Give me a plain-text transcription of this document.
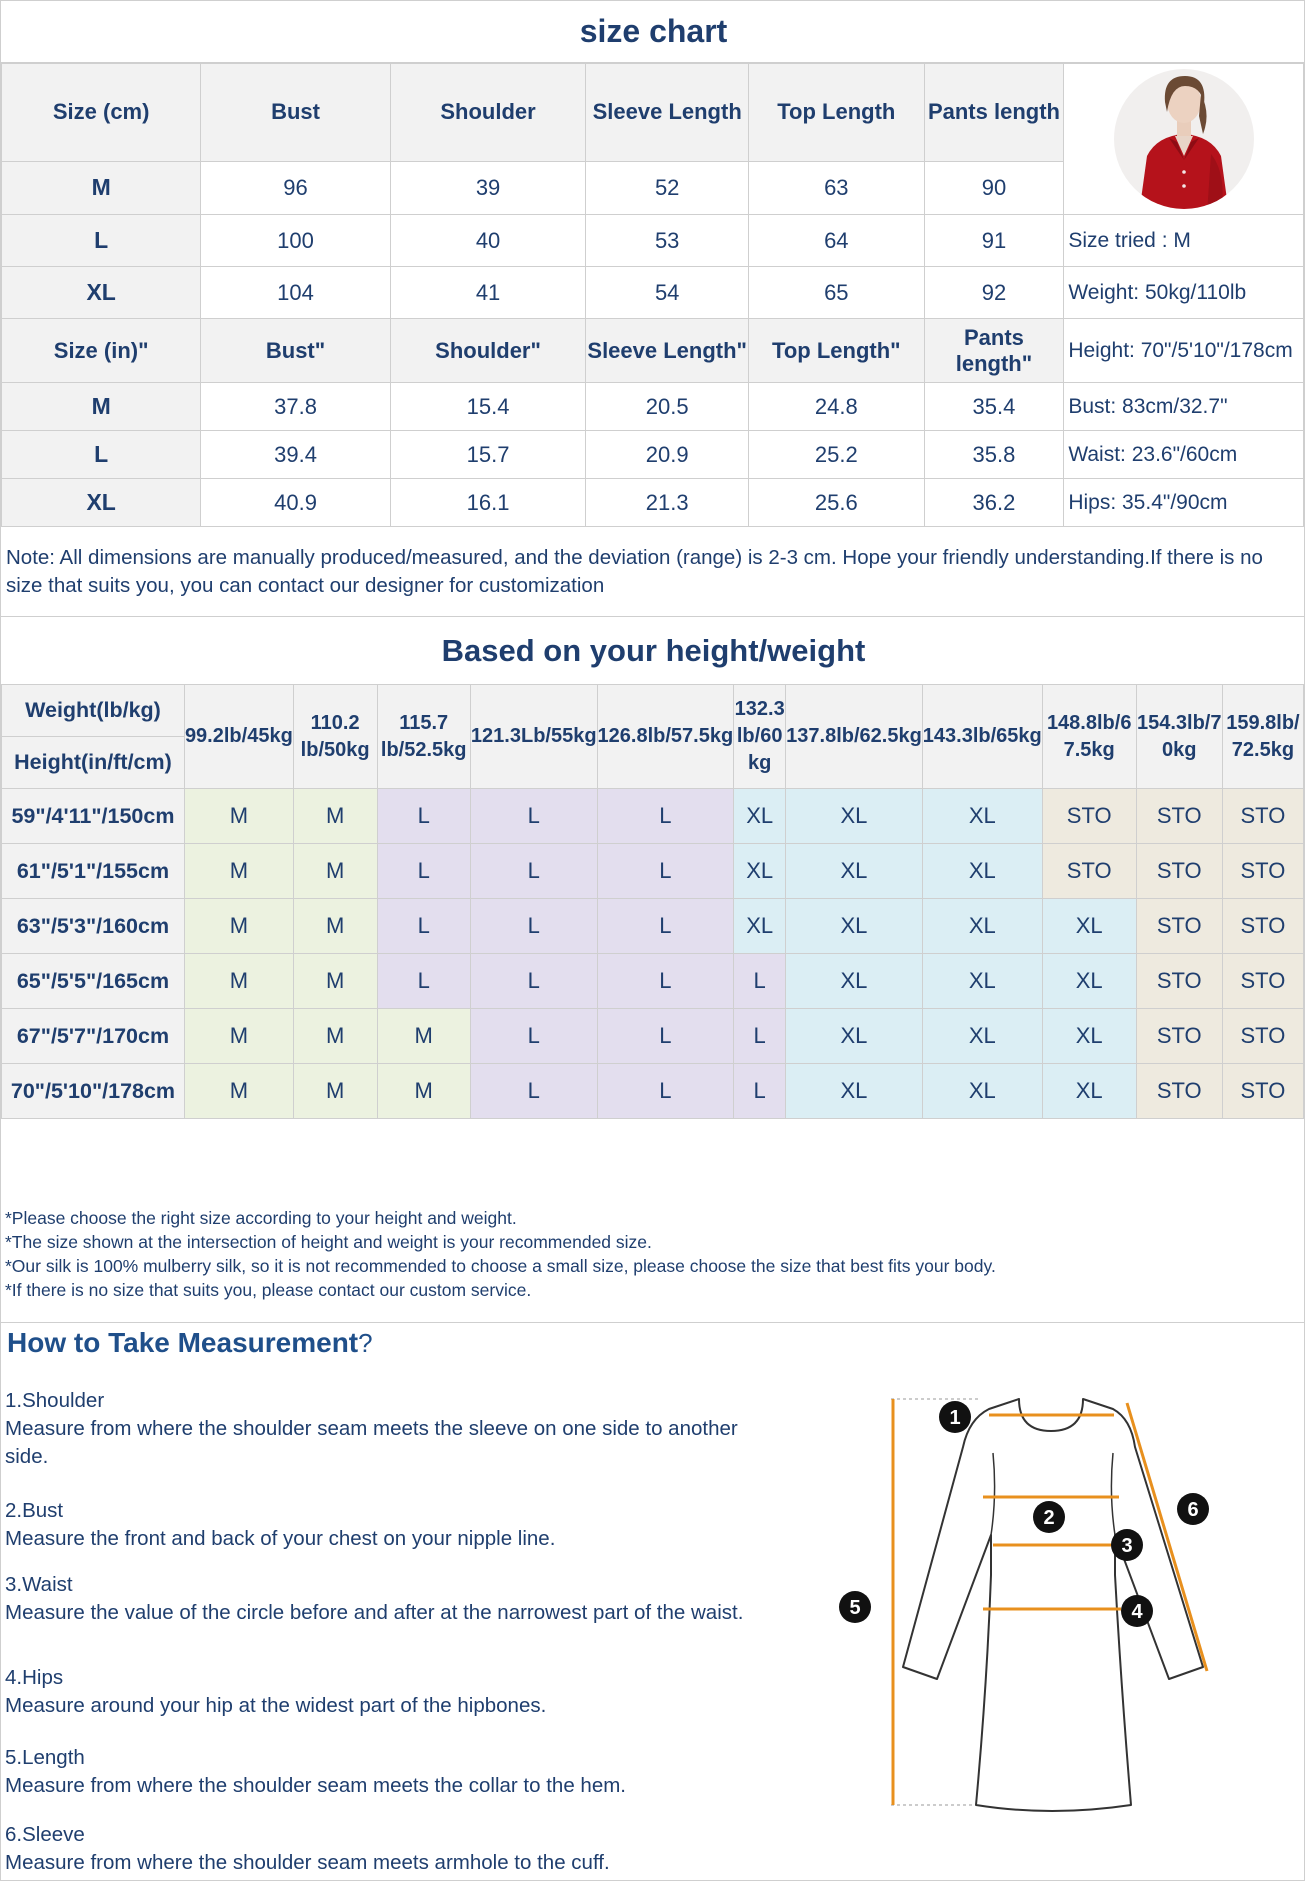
size chart
Size (cm)	Bust	Shoulder	Sleeve Length	Top Length	Pants length	

M	96	39	52	63	90	
L	100	40	53	64	91	Size tried : M
XL	104	41	54	65	92	Weight: 50kg/110lb
Size (in)"	Bust"	Shoulder"	Sleeve Length"	Top Length"	Pants length"	Height: 70"/5'10"/178cm
M	37.8	15.4	20.5	24.8	35.4	Bust: 83cm/32.7"
L	39.4	15.7	20.9	25.2	35.8	Waist: 23.6"/60cm
XL	40.9	16.1	21.3	25.6	36.2	Hips: 35.4"/90cm
Note: All dimensions are manually produced/measured, and the deviation (range) is 2-3 cm. Hope your friendly understanding.If there is no size that suits you, you can contact our designer for customization
Based on your height/weight
Weight(lb/kg)	99.2lb/45kg	110.2 lb/50kg	115.7 lb/52.5kg	121.3Lb/55kg	126.8lb/57.5kg	132.3lb/60kg	137.8lb/62.5kg	143.3lb/65kg	148.8lb/67.5kg	154.3lb/70kg	159.8lb/72.5kg
Height(in/ft/cm)											
59"/4'11"/150cm	M	M	L	L	L	XL	XL	XL	STO	STO	STO
61"/5'1"/155cm	M	M	L	L	L	XL	XL	XL	STO	STO	STO
63"/5'3"/160cm	M	M	L	L	L	XL	XL	XL	XL	STO	STO
65"/5'5"/165cm	M	M	L	L	L	L	XL	XL	XL	STO	STO
67"/5'7"/170cm	M	M	M	L	L	L	XL	XL	XL	STO	STO
70"/5'10"/178cm	M	M	M	L	L	L	XL	XL	XL	STO	STO
*Please choose the right size according to your height and weight.
*The size shown at the intersection of height and weight is your recommended size.
*Our silk is 100% mulberry silk, so it is not recommended to choose a small size, please choose the size that best fits your body.
*If there is no size that suits you, please contact our custom service.
How to Take Measurement?
1.Shoulder
Measure from where the shoulder seam meets the sleeve on one side to another side.
2.Bust
Measure the front and back of your chest on your nipple line.
3.Waist
Measure the value of the circle before and after at the narrowest part of the waist.
4.Hips
Measure around your hip at the widest part of the hipbones.
5.Length
Measure from where the shoulder seam meets the collar to the hem.
6.Sleeve
Measure from where the shoulder seam meets armhole to the cuff.
1
2
3
4
5
6
